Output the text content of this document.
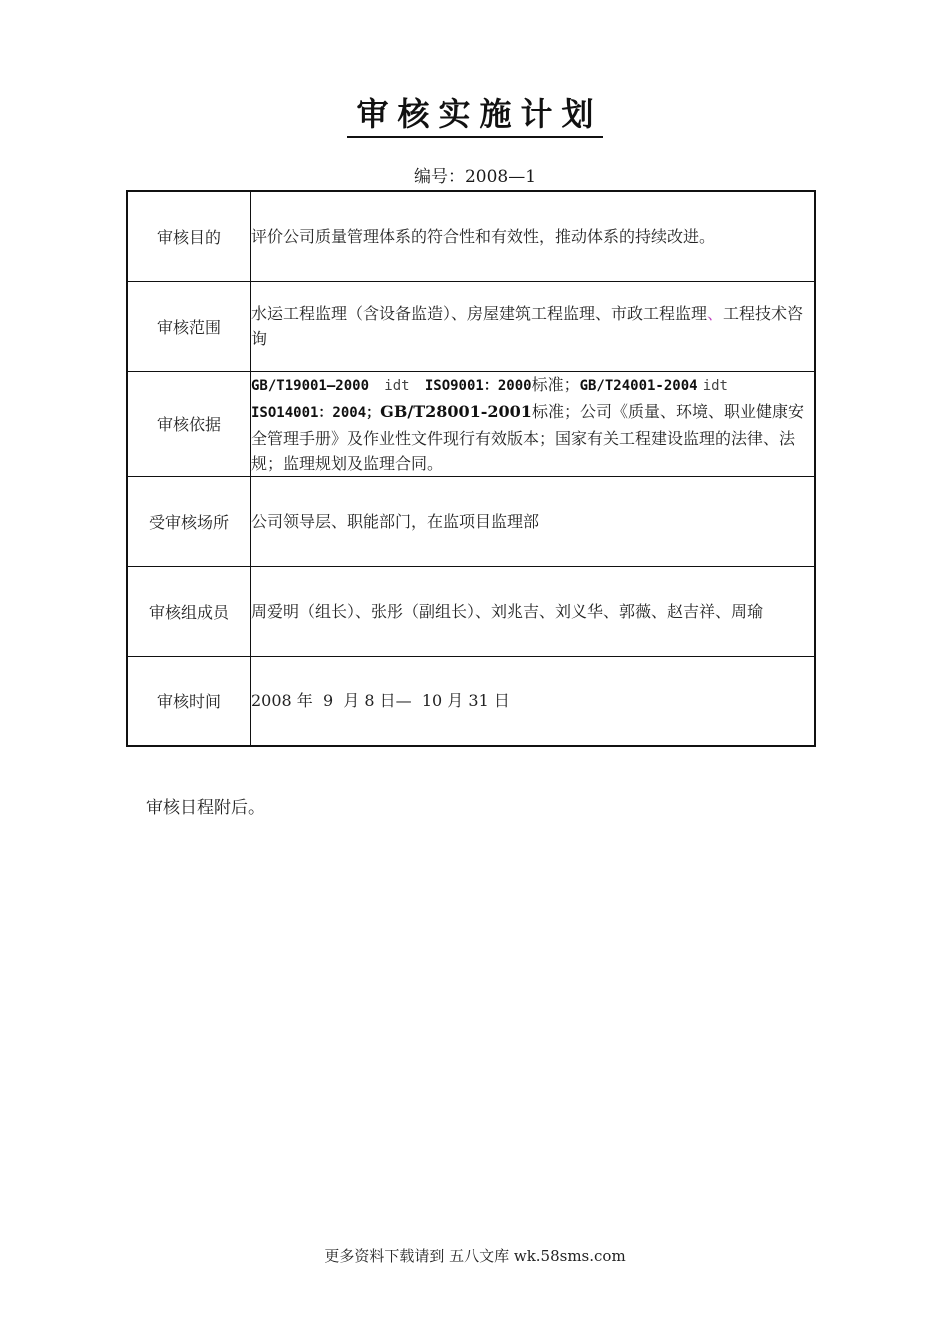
审核实施计划
编号：2008—1
审核目的	评价公司质量管理体系的符合性和有效性，推动体系的持续改进。
审核范围	水运工程监理（含设备监造）、房屋建筑工程监理、市政工程监理、工程技术咨询
审核依据	GB/T19001—2000 idt ISO9001：2000标准；GB/T24001-2004 idt ISO14001：2004；GB/T28001-2001标准；公司《质量、环境、职业健康安全管理手册》及作业性文件现行有效版本；国家有关工程建设监理的法律、法规；监理规划及监理合同。
受审核场所	公司领导层、职能部门，在监项目监理部
审核组成员	周爱明（组长）、张彤（副组长）、刘兆吉、刘义华、郭薇、赵吉祥、周瑜
审核时间	2008 年  9  月 8 日—  10 月 31 日
审核日程附后。
更多资料下载请到 五八文库 wk.58sms.com
